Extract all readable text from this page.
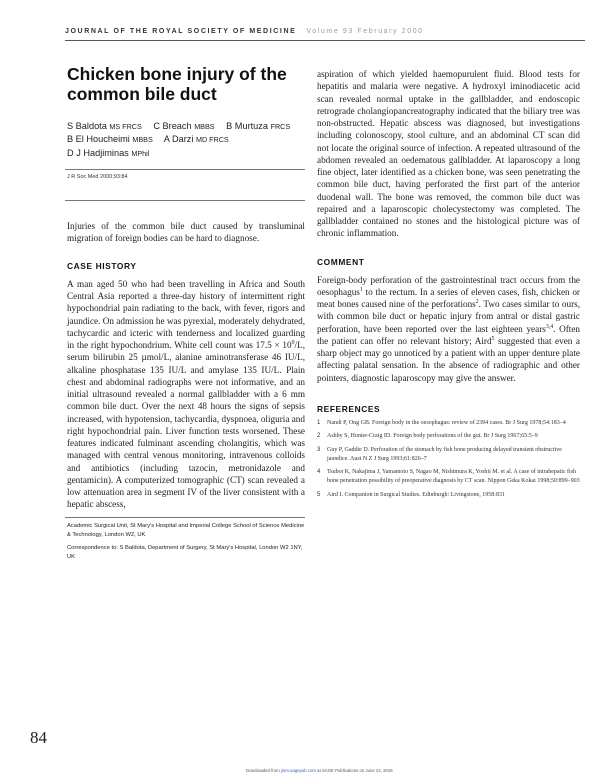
JOURNAL OF THE ROYAL SOCIETY OF MEDICINE Volume 93 February 2000
Chicken bone injury of the
common bile duct
S Baldota MS FRCS C Breach MBBS B Murtuza FRCS
B El Houcheimi MBBS A Darzi MD FRCS
D J Hadjiminas MPhil
J R Soc Med 2000;93:84

Injuries of the common bile duct caused by transluminal migration of foreign bodies can be hard to diagnose.

CASE HISTORY

A man aged 50 who had been travelling in Africa and South Central Asia reported a three-day history of intermittent right hypochondrial pain radiating to the back, with fever, rigors and jaundice. On admission he was pyrexial, moderately dehydrated, tachycardic and icteric with tenderness and localized guarding in the right hypochondrium. White cell count was $17.5 \times 10^9/L$, serum bilirubin 25 µmol/L, alanine aminotransferase 46 IU/L, alkaline phosphatase 135 IU/L and amylase 135 IU/L. Plain chest and abdominal radiographs were not informative, and an initial ultrasound revealed a normal gallbladder with a 6 mm common bile duct. Over the next 48 hours the signs of sepsis increased, with hypotension, tachycardia, dyspnoea, oliguria and right hypochondrial pain. Liver function tests worsened. These features indicated fulminant ascending cholangitis, which was managed with central venous monitoring, intravenous colloids and antibiotics (including tazocin, metronidazole and gentamicin). A computerized tomographic (CT) scan revealed a low attenuation area in segment IV of the liver consistent with a hepatic abscess,

Academic Surgical Unit, St Mary's Hospital and Imperial College School of Science Medicine & Technology, London W2, UK
Correspondence to: S Baldota, Department of Surgery, St Mary's Hospital, London W2 1NY, UK

aspiration of which yielded haemopurulent fluid. Blood tests for hepatitis and malaria were negative. A hydroxyl iminodiacetic acid scan revealed normal uptake in the gallbladder, and endoscopic retrograde cholangiopancreatography indicated that the biliary tree was non-obstructed. Hepatic abscess was diagnosed, but investigations including colonoscopy, stool culture, and an abdominal CT scan did not locate the original source of infection. A repeated ultrasound of the abdomen revealed an oedematous gallbladder. At laparoscopy a long fine object, later identified as a chicken bone, was seen penetrating the common bile duct, having perforated the first part of the anterior duodenal wall. The bone was removed, the common bile duct was repaired and a laparoscopic cholecystectomy was completed. The gallbladder contained no stones and the histological picture was of chronic inflammation.

COMMENT

Foreign-body perforation of the gastrointestinal tract occurs from the oesophagus$^1$ to the rectum. In a series of eleven cases, fish, chicken or meat bones caused nine of the perforations$^2$. Two cases similar to ours, with common bile duct or hepatic injury from antral or distal gastric perforation, have been reported over the last eighteen years$^{3,4}$. Often the patient can offer no relevant history; Aird$^5$ suggested that even a sharp object may go unnoticed by a patient with an upper denture plate affecting palatal sensation. In the absence of radiographic and other pointers, diagnostic laparoscopy may give the answer.

REFERENCES
1	Nandi P, Ong GB. Foreign body in the oesophagus: review of 2394 cases. Br J Surg 1978;54:183–4
2	Ashby S, Hunter-Craig ID. Foreign body perforations of the gut. Br J Surg 1967;65:5–9
3	Guy P, Gaddie D. Perforation of the stomach by fish bone producing delayed transient obstructive jaundice. Aust N Z J Surg 1993;61:826–7
4	Tsuboi K, Nakajima J, Yamamoto S, Nagao M, Nishimura K, Yoshii M. et al. A case of intrahepatic fish bone penetration possibility of preoperative diagnosis by CT scan. Nippon Geka Kokai 1998;50:899–903
5	Aird I. Companion in Surgical Studies. Edinburgh: Livingstone, 1958:831
84
Downloaded from jrsm.sagepub.com at SAGE Publications on June 22, 2016
